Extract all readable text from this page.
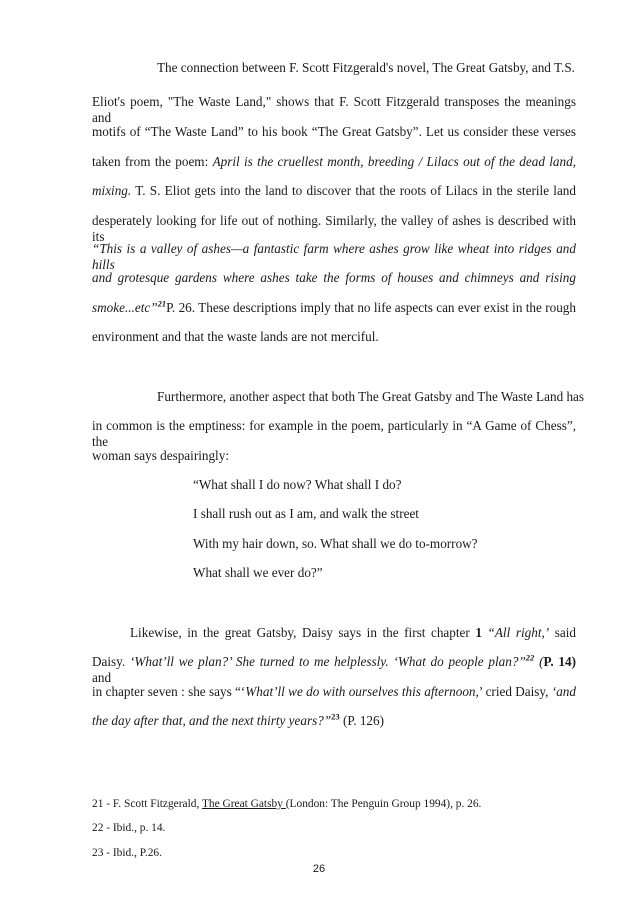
The connection between F. Scott Fitzgerald's novel, The Great Gatsby, and T.S.
Eliot's poem, "The Waste Land," shows that F. Scott Fitzgerald transposes the meanings and
motifs of “The Waste Land” to his book “The Great Gatsby”. Let us consider these verses
taken from the poem: April is the cruellest month, breeding / Lilacs out of the dead land,
mixing. T. S. Eliot gets into the land to discover that the roots of Lilacs in the sterile land
desperately looking for life out of nothing. Similarly, the valley of ashes is described with its
“This is a valley of ashes—a fantastic farm where ashes grow like wheat into ridges and hills
and grotesque gardens where ashes take the forms of houses and chimneys and rising
smoke...etc”$^{21}$P. 26. These descriptions imply that no life aspects can ever exist in the rough
environment and that the waste lands are not merciful.
Furthermore, another aspect that both The Great Gatsby and The Waste Land has
in common is the emptiness: for example in the poem, particularly in “A Game of Chess”, the
woman says despairingly:
“What shall I do now? What shall I do?
I shall rush out as I am, and walk the street
With my hair down, so. What shall we do to-morrow?
What shall we ever do?”
Likewise, in the great Gatsby, Daisy says in the first chapter 1 “All right,’ said
Daisy. ‘What’ll we plan?’ She turned to me helplessly. ‘What do people plan?”$^{22}$ (P. 14) and
in chapter seven : she says “‘What’ll we do with ourselves this afternoon,’ cried Daisy, ‘and
the day after that, and the next thirty years?”$^{23}$ (P. 126)
21 - F. Scott Fitzgerald, The Great Gatsby (London: The Penguin Group 1994), p. 26.
22 - Ibid., p. 14.
23 - Ibid., P.26.
26
